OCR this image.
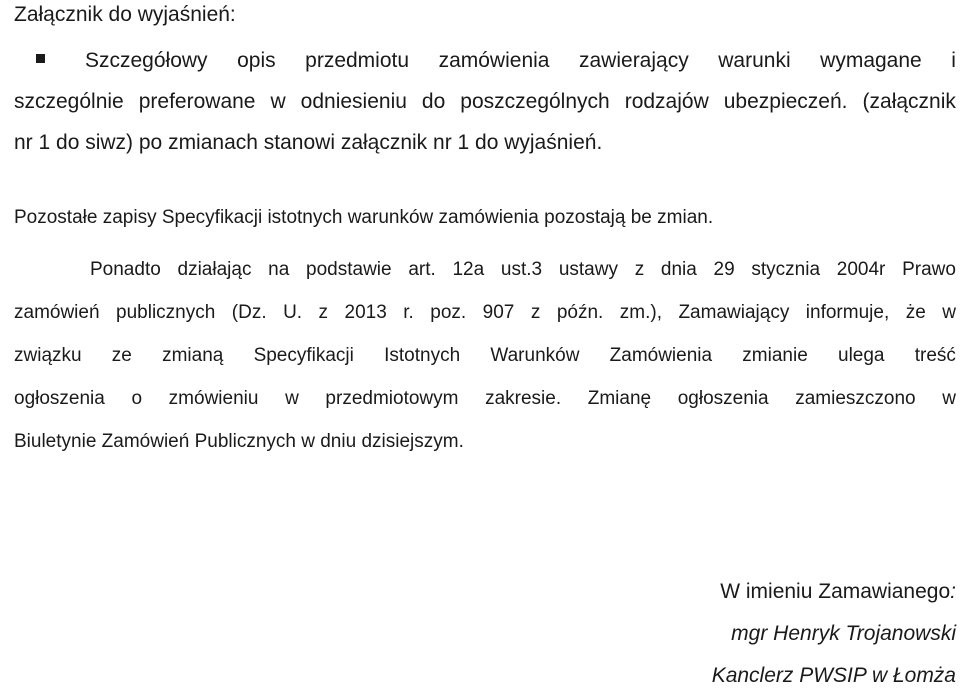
Załącznik do wyjaśnień:
Szczegółowy opis przedmiotu zamówienia zawierający warunki wymagane i
szczególnie preferowane w odniesieniu do poszczególnych rodzajów ubezpieczeń. (załącznik
nr 1 do siwz) po zmianach stanowi załącznik nr 1 do wyjaśnień.
Pozostałe zapisy Specyfikacji istotnych warunków zamówienia pozostają be zmian.
Ponadto działając na podstawie art. 12a ust.3 ustawy z dnia 29 stycznia 2004r Prawo
zamówień publicznych (Dz. U. z 2013 r. poz. 907 z późn. zm.), Zamawiający informuje, że w
związku ze zmianą Specyfikacji Istotnych Warunków Zamówienia zmianie ulega treść
ogłoszenia o zmówieniu w przedmiotowym zakresie. Zmianę ogłoszenia zamieszczono w
Biuletynie Zamówień Publicznych w dniu dzisiejszym.
W imieniu Zamawianego:
mgr Henryk Trojanowski
Kanclerz PWSIP w Łomża
